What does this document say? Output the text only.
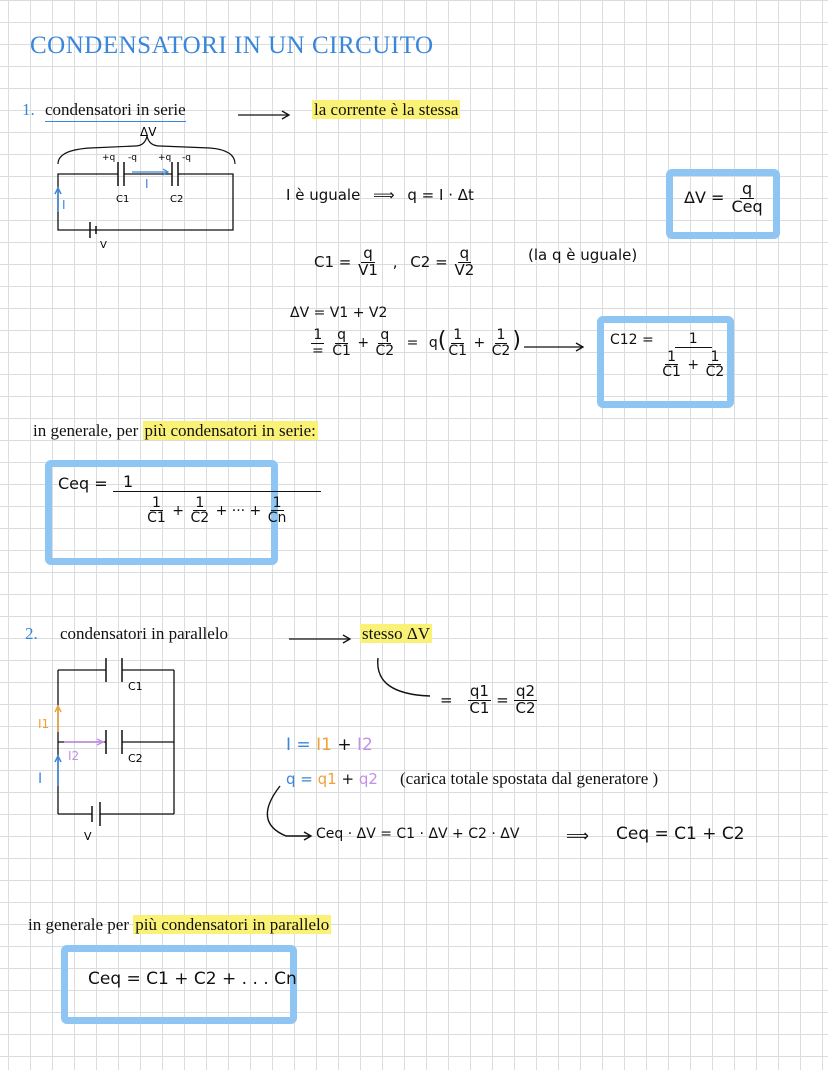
CONDENSATORI IN UN CIRCUITO
1. condensatori in serie	la corrente è la stessa
ΔV
+q -q +q -q
C1	C2
I
I
V
I è uguale ⟹ q = I · Δt	$\Delta V = \frac{q}{\text{Ceq}}$
$C1 = \frac{q}{V1}$ , $C2 = \frac{q}{V2}$	(la q è uguale)
ΔV = V1 + V2
$\frac{1}{=}$
$\frac{q}{C1} + \frac{q}{C2} = q( \frac{1}{C1} + \frac{1}{C2}$ )	$C12 = \frac{1}{\frac{1}{C1} + \frac{1}{C2}}$
in generale, per più condensatori in serie:
Ceq = $\frac{1}{\frac{1}{C1} + \frac{1}{C2} + \cdot\cdot\cdot + \frac{1}{Cn}}$
2. condensatori in parallelo	stesso ΔV
= $\frac{q1}{C1} = \frac{q2}{C2}$
C1
C2
V
I1
I2
I
I = I1 + I2
q = q1 + q2 (carica totale spostata dal generatore )
Ceq · ΔV = C1 · ΔV + C2 · ΔV	⟹ Ceq = C1 + C2
in generale per più condensatori in parallelo
Ceq = C1 + C2 + . . . Cn
